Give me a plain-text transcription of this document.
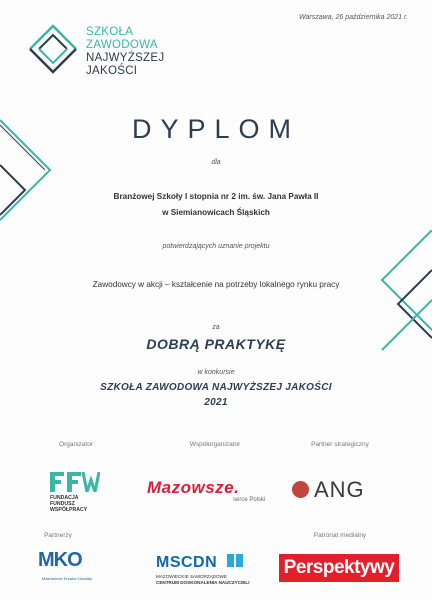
SZKOŁA
ZAWODOWA
NAJWYŻSZEJ
JAKOŚCI
Warszawa, 26 października 2021 r.
DYPLOM
dla
Branżowej Szkoły I stopnia nr 2 im. św. Jana Pawła II
w Siemianowicach Śląskich
potwierdzających uznanie projektu
Zawodowcy w akcji – kształcenie na potrzeby lokalnego rynku pracy
za
DOBRĄ PRAKTYKĘ
w konkursie
SZKOŁA ZAWODOWA NAJWYŻSZEJ JAKOŚCI
2021
Organizator	Współorganizator	Partner strategiczny
Partnerzy	Patronat medialny
FUNDACJA
FUNDUSZ
WSPÓŁPRACY
Mazowsze.
serce Polski ANG
MKO
Mazowiecki Kurator Oświaty
MSCDN
MAZOWIECKIE SAMORZĄDOWE
CENTRUM DOSKONALENIA NAUCZYCIELI
Perspektywy
